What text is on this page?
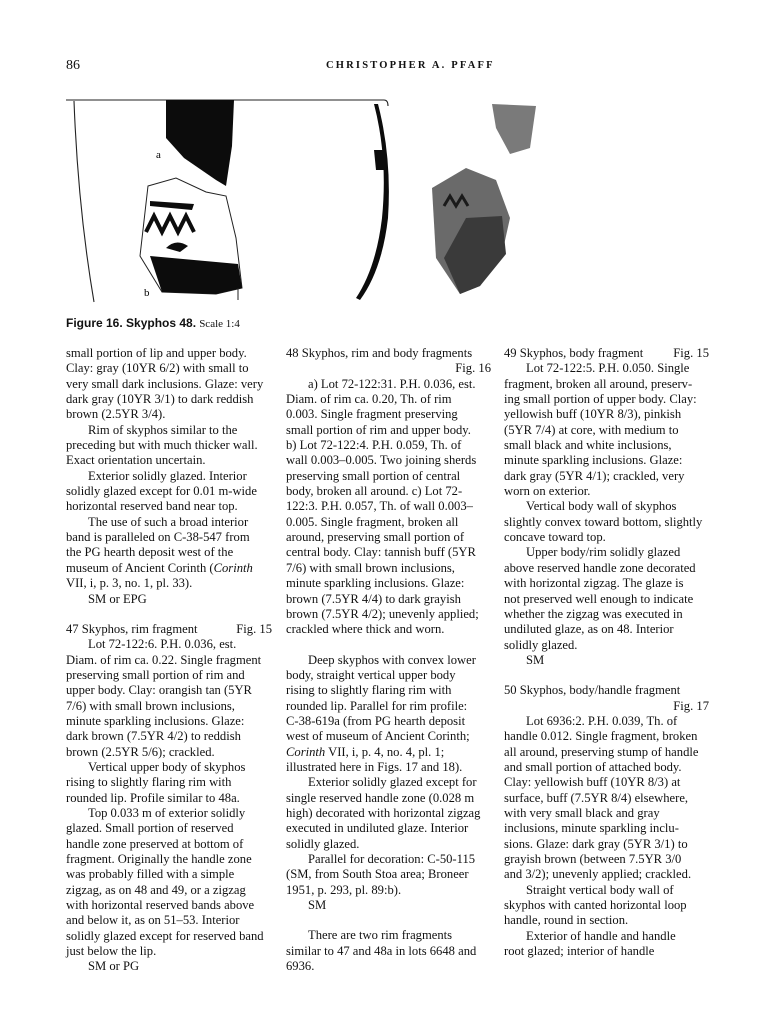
86	CHRISTOPHER A. PFAFF
a
b
Figure 16. Skyphos 48. Scale 1:4

small portion of lip and upper body.

Clay: gray (10YR 6/2) with small to

very small dark inclusions. Glaze: very

dark gray (10YR 3/1) to dark reddish

brown (2.5YR 3/4).

Rim of skyphos similar to the

preceding but with much thicker wall.

Exact orientation uncertain.

Exterior solidly glazed. Interior

solidly glazed except for 0.01 m-wide

horizontal reserved band near top.

The use of such a broad interior

band is paralleled on C-38-547 from

the PG hearth deposit west of the

museum of Ancient Corinth (Corinth

VII, i, p. 3, no. 1, pl. 33).

SM or EPG

47 Skyphos, rim fragment	Fig. 15

Lot 72-122:6. P.H. 0.036, est.

Diam. of rim ca. 0.22. Single fragment

preserving small portion of rim and

upper body. Clay: orangish tan (5YR

7/6) with small brown inclusions,

minute sparkling inclusions. Glaze:

dark brown (7.5YR 4/2) to reddish

brown (2.5YR 5/6); crackled.

Vertical upper body of skyphos

rising to slightly flaring rim with

rounded lip. Profile similar to 48a.

Top 0.033 m of exterior solidly

glazed. Small portion of reserved

handle zone preserved at bottom of

fragment. Originally the handle zone

was probably filled with a simple

zigzag, as on 48 and 49, or a zigzag

with horizontal reserved bands above

and below it, as on 51–53. Interior

solidly glazed except for reserved band

just below the lip.

SM or PG

48 Skyphos, rim and body fragments

Fig. 16

a) Lot 72-122:31. P.H. 0.036, est.

Diam. of rim ca. 0.20, Th. of rim

0.003. Single fragment preserving

small portion of rim and upper body.

b) Lot 72-122:4. P.H. 0.059, Th. of

wall 0.003–0.005. Two joining sherds

preserving small portion of central

body, broken all around. c) Lot 72-

122:3. P.H. 0.057, Th. of wall 0.003–

0.005. Single fragment, broken all

around, preserving small portion of

central body. Clay: tannish buff (5YR

7/6) with small brown inclusions,

minute sparkling inclusions. Glaze:

brown (7.5YR 4/4) to dark grayish

brown (7.5YR 4/2); unevenly applied;

crackled where thick and worn.

Deep skyphos with convex lower

body, straight vertical upper body

rising to slightly flaring rim with

rounded lip. Parallel for rim profile:

C-38-619a (from PG hearth deposit

west of museum of Ancient Corinth;

Corinth VII, i, p. 4, no. 4, pl. 1;

illustrated here in Figs. 17 and 18).

Exterior solidly glazed except for

single reserved handle zone (0.028 m

high) decorated with horizontal zigzag

executed in undiluted glaze. Interior

solidly glazed.

Parallel for decoration: C-50-115

(SM, from South Stoa area; Broneer

1951, p. 293, pl. 89:b).

SM

There are two rim fragments

similar to 47 and 48a in lots 6648 and

6936.

49 Skyphos, body fragment Fig. 15

Lot 72-122:5. P.H. 0.050. Single

fragment, broken all around, preserv-

ing small portion of upper body. Clay:

yellowish buff (10YR 8/3), pinkish

(5YR 7/4) at core, with medium to

small black and white inclusions,

minute sparkling inclusions. Glaze:

dark gray (5YR 4/1); crackled, very

worn on exterior.

Vertical body wall of skyphos

slightly convex toward bottom, slightly

concave toward top.

Upper body/rim solidly glazed

above reserved handle zone decorated

with horizontal zigzag. The glaze is

not preserved well enough to indicate

whether the zigzag was executed in

undiluted glaze, as on 48. Interior

solidly glazed.

SM

50 Skyphos, body/handle fragment

Fig. 17

Lot 6936:2. P.H. 0.039, Th. of

handle 0.012. Single fragment, broken

all around, preserving stump of handle

and small portion of attached body.

Clay: yellowish buff (10YR 8/3) at

surface, buff (7.5YR 8/4) elsewhere,

with very small black and gray

inclusions, minute sparkling inclu-

sions. Glaze: dark gray (5YR 3/1) to

grayish brown (between 7.5YR 3/0

and 3/2); unevenly applied; crackled.

Straight vertical body wall of

skyphos with canted horizontal loop

handle, round in section.

Exterior of handle and handle

root glazed; interior of handle
